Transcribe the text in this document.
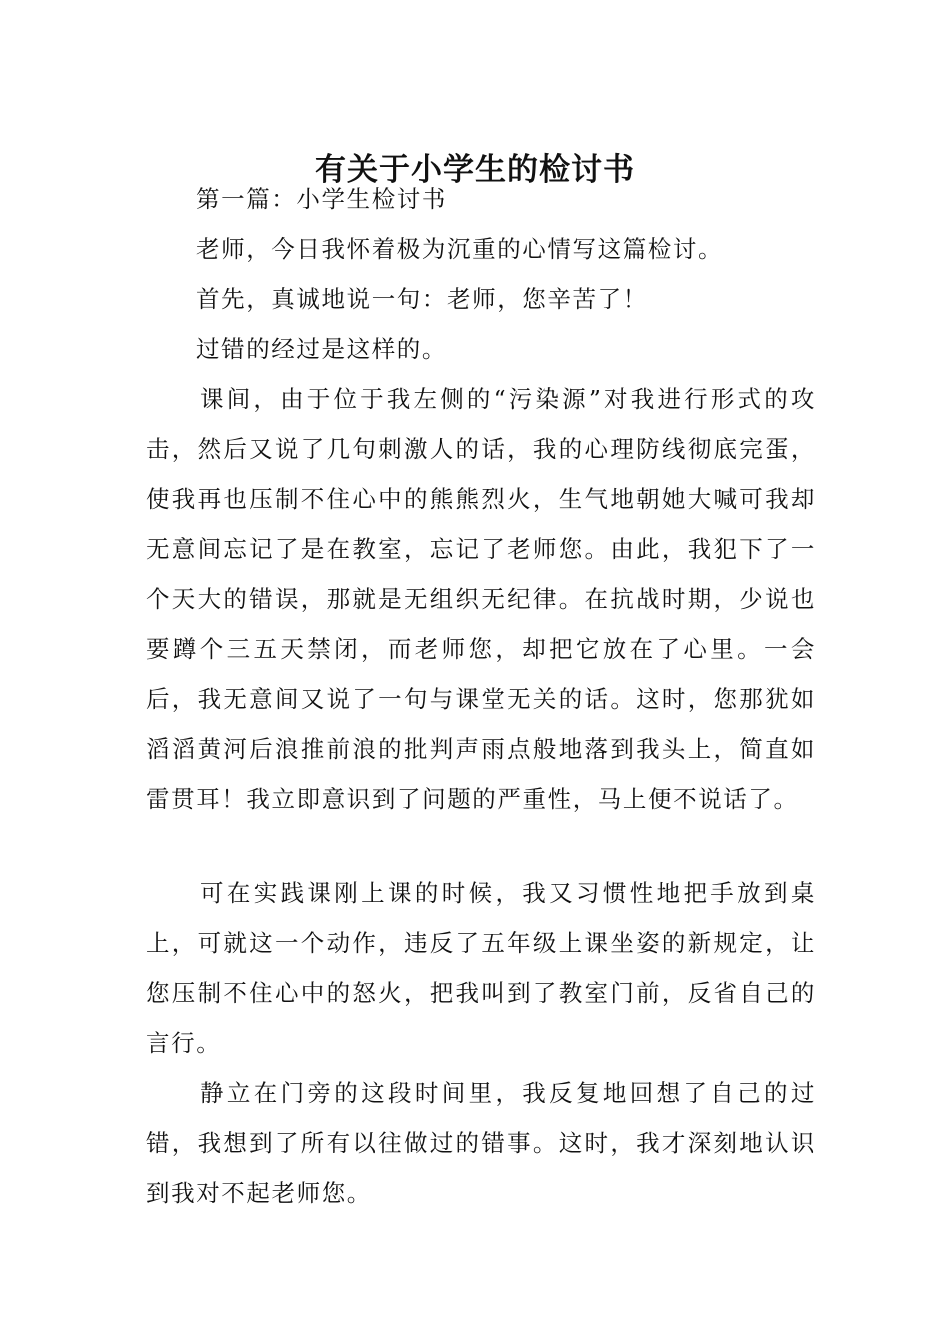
有关于小学生的检讨书

第一篇：小学生检讨书

老师，今日我怀着极为沉重的心情写这篇检讨。

首先，真诚地说一句：老师，您辛苦了！

过错的经过是这样的。

课间，由于位于我左侧的“污染源”对我进行形式的攻击，然后又说了几句刺激人的话，我的心理防线彻底完蛋，使我再也压制不住心中的熊熊烈火，生气地朝她大喊可我却无意间忘记了是在教室，忘记了老师您。由此，我犯下了一个天大的错误，那就是无组织无纪律。在抗战时期，少说也要蹲个三五天禁闭，而老师您，却把它放在了心里。一会后，我无意间又说了一句与课堂无关的话。这时，您那犹如滔滔黄河后浪推前浪的批判声雨点般地落到我头上，简直如雷贯耳！我立即意识到了问题的严重性，马上便不说话了。

可在实践课刚上课的时候，我又习惯性地把手放到桌上，可就这一个动作，违反了五年级上课坐姿的新规定，让您压制不住心中的怒火，把我叫到了教室门前，反省自己的言行。

静立在门旁的这段时间里，我反复地回想了自己的过错，我想到了所有以往做过的错事。这时，我才深刻地认识到我对不起老师您。
